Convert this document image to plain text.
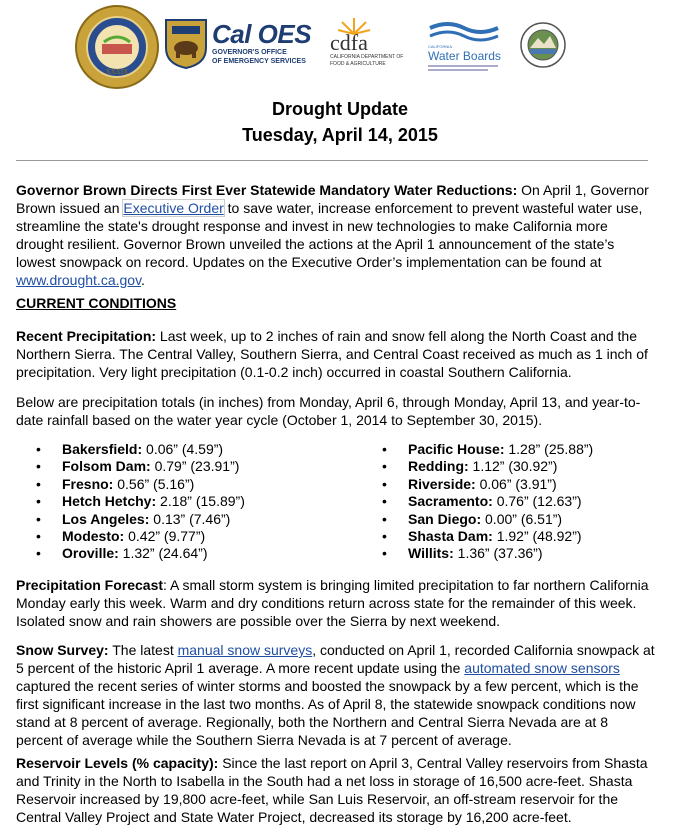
XXXIX
Cal OES
GOVERNOR'S OFFICE
OF EMERGENCY SERVICES
cdfa
CALIFORNIA DEPARTMENT OF
FOOD & AGRICULTURE
CALIFORNIA
Water Boards
Drought Update
Tuesday, April 14, 2015

Governor Brown Directs First Ever Statewide Mandatory Water Reductions: On April 1, Governor Brown issued an Executive Order to save water, increase enforcement to prevent wasteful water use, streamline the state's drought response and invest in new technologies to make California more drought resilient. Governor Brown unveiled the actions at the April 1 announcement of the state’s lowest snowpack on record. Updates on the Executive Order’s implementation can be found at www.drought.ca.gov.

CURRENT CONDITIONS

Recent Precipitation: Last week, up to 2 inches of rain and snow fell along the North Coast and the Northern Sierra. The Central Valley, Southern Sierra, and Central Coast received as much as 1 inch of precipitation. Very light precipitation (0.1-0.2 inch) occurred in coastal Southern California.

Below are precipitation totals (in inches) from Monday, April 6, through Monday, April 13, and year-to-date rainfall based on the water year cycle (October 1, 2014 to September 30, 2015).
• Bakersfield: 0.06” (4.59”)
• Folsom Dam: 0.79” (23.91”)
• Fresno: 0.56” (5.16”)
• Hetch Hetchy: 2.18” (15.89”)
• Los Angeles: 0.13” (7.46”)
• Modesto: 0.42” (9.77”)
• Oroville: 1.32” (24.64”)
• Pacific House: 1.28” (25.88”)
• Redding: 1.12” (30.92”)
• Riverside: 0.06” (3.91”)
• Sacramento: 0.76” (12.63”)
• San Diego: 0.00” (6.51”)
• Shasta Dam: 1.92” (48.92”)
• Willits: 1.36” (37.36”)

Precipitation Forecast: A small storm system is bringing limited precipitation to far northern California Monday early this week. Warm and dry conditions return across state for the remainder of this week. Isolated snow and rain showers are possible over the Sierra by next weekend.

Snow Survey: The latest manual snow surveys, conducted on April 1, recorded California snowpack at 5 percent of the historic April 1 average. A more recent update using the automated snow sensors captured the recent series of winter storms and boosted the snowpack by a few percent, which is the first significant increase in the last two months. As of April 8, the statewide snowpack conditions now stand at 8 percent of average. Regionally, both the Northern and Central Sierra Nevada are at 8 percent of average while the Southern Sierra Nevada is at 7 percent of average.

Reservoir Levels (% capacity): Since the last report on April 3, Central Valley reservoirs from Shasta and Trinity in the North to Isabella in the South had a net loss in storage of 16,500 acre-feet. Shasta Reservoir increased by 19,800 acre-feet, while San Luis Reservoir, an off-stream reservoir for the Central Valley Project and State Water Project, decreased its storage by 16,200 acre-feet.
